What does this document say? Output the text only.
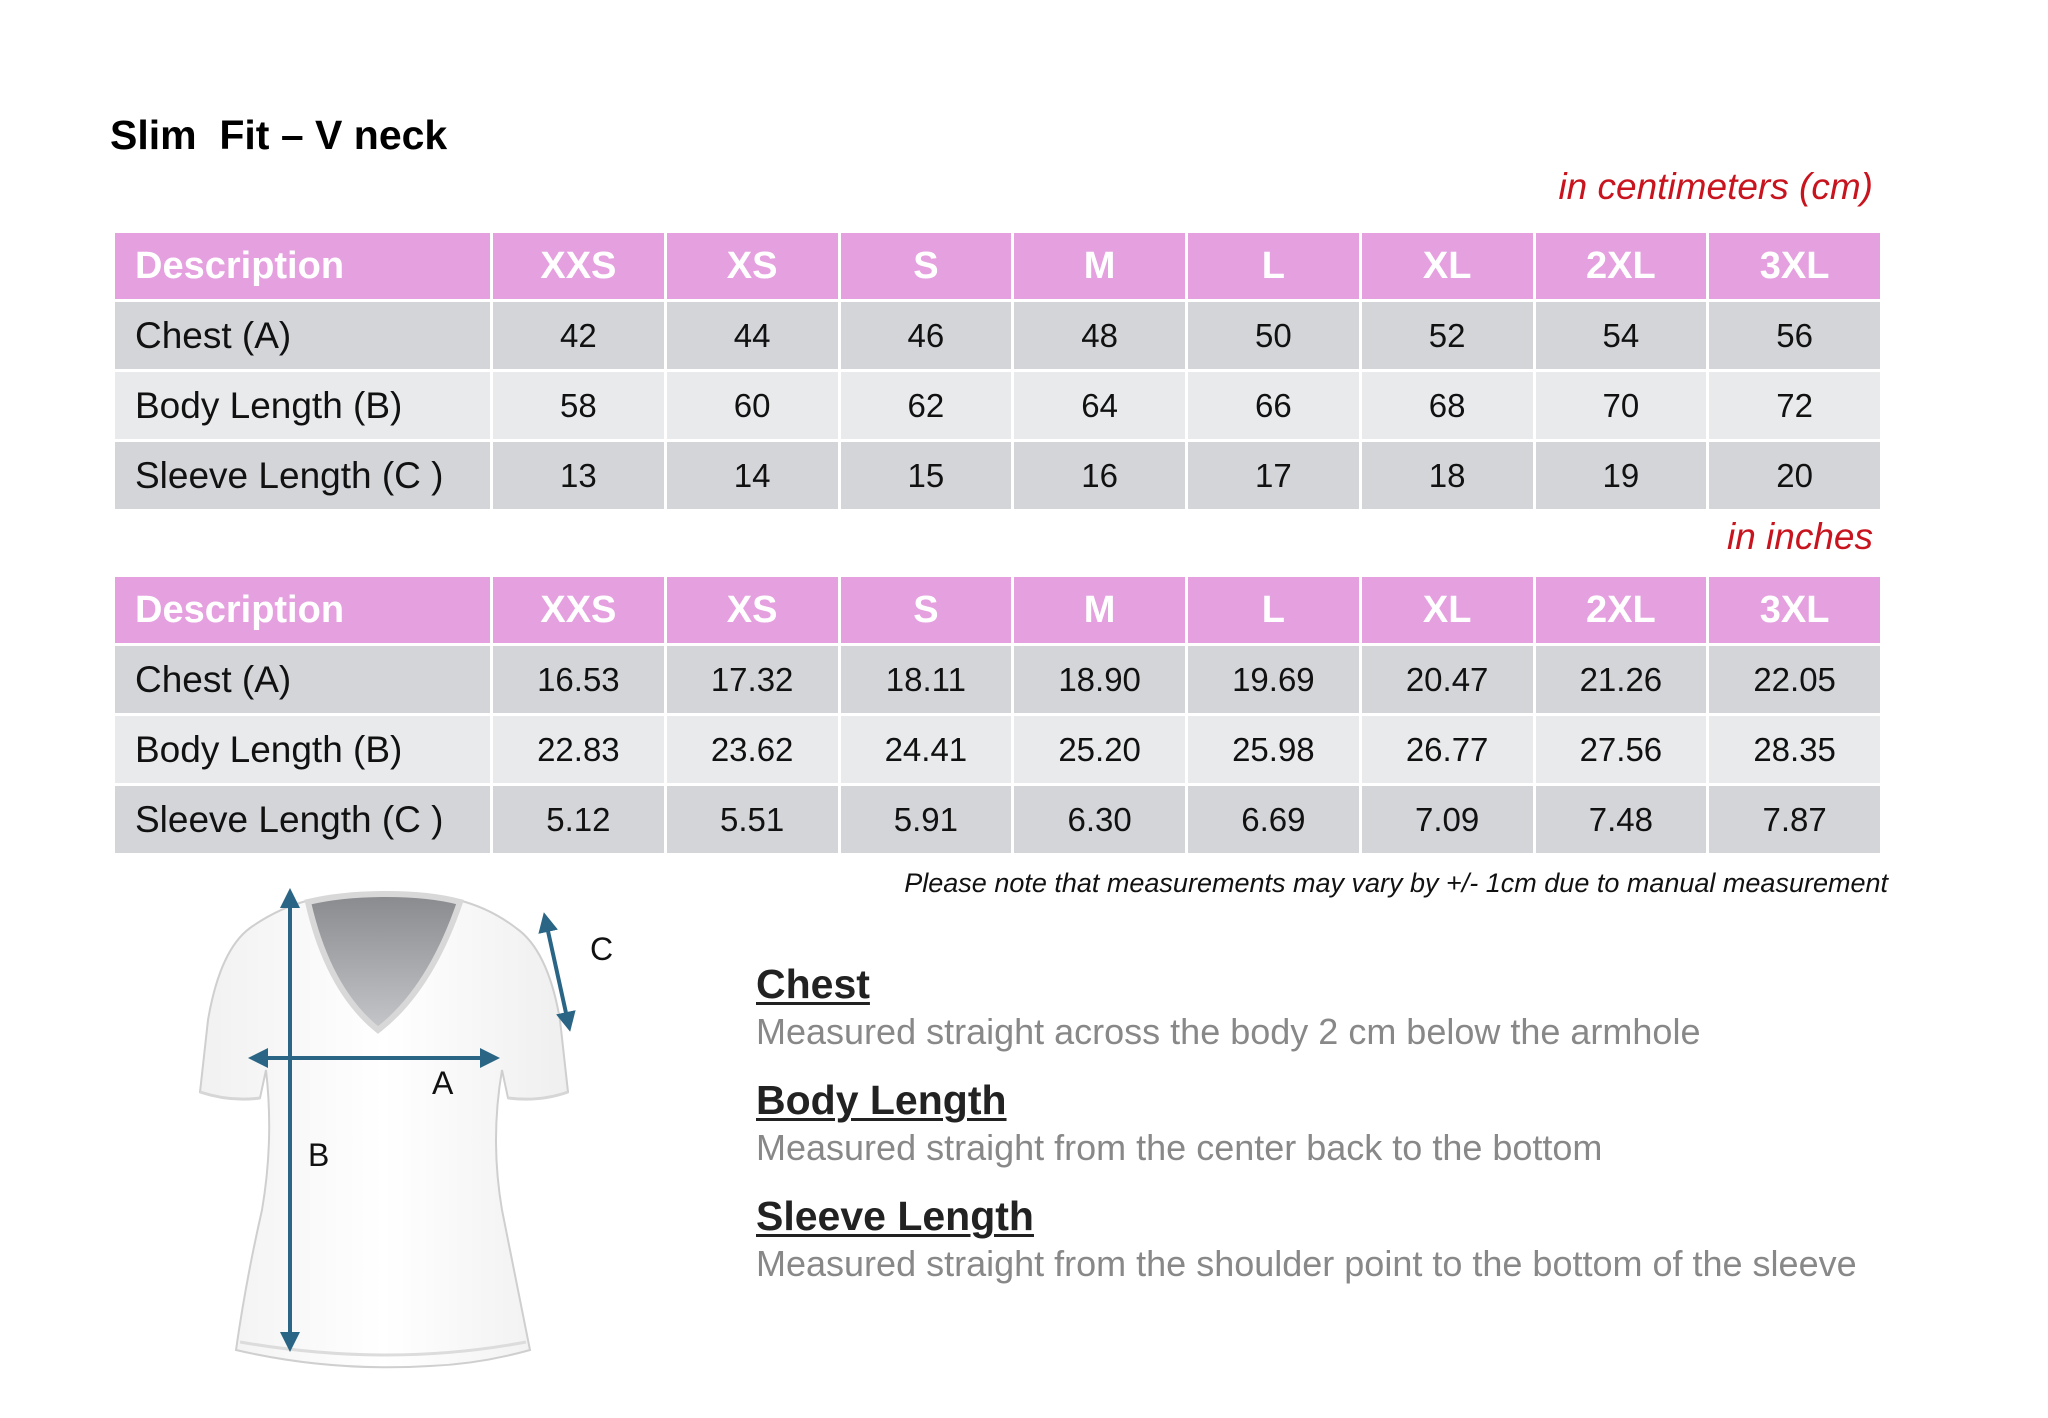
Slim  Fit – V neck
in centimeters (cm)
Description	XXS	XS	S	M	L	XL	2XL	3XL
Chest (A)	42	44	46	48	50	52	54	56
Body Length (B)	58	60	62	64	66	68	70	72
Sleeve Length (C )	13	14	15	16	17	18	19	20
in inches
Description	XXS	XS	S	M	L	XL	2XL	3XL
Chest (A)	16.53	17.32	18.11	18.90	19.69	20.47	21.26	22.05
Body Length (B)	22.83	23.62	24.41	25.20	25.98	26.77	27.56	28.35
Sleeve Length (C )	5.12	5.51	5.91	6.30	6.69	7.09	7.48	7.87
Please note that measurements may vary by +/- 1cm due to manual measurement
C
A
B

Chest

Measured straight across the body 2 cm below the armhole

Body Length

Measured straight from the center back to the bottom

Sleeve Length

Measured straight from the shoulder point to the bottom of the sleeve
